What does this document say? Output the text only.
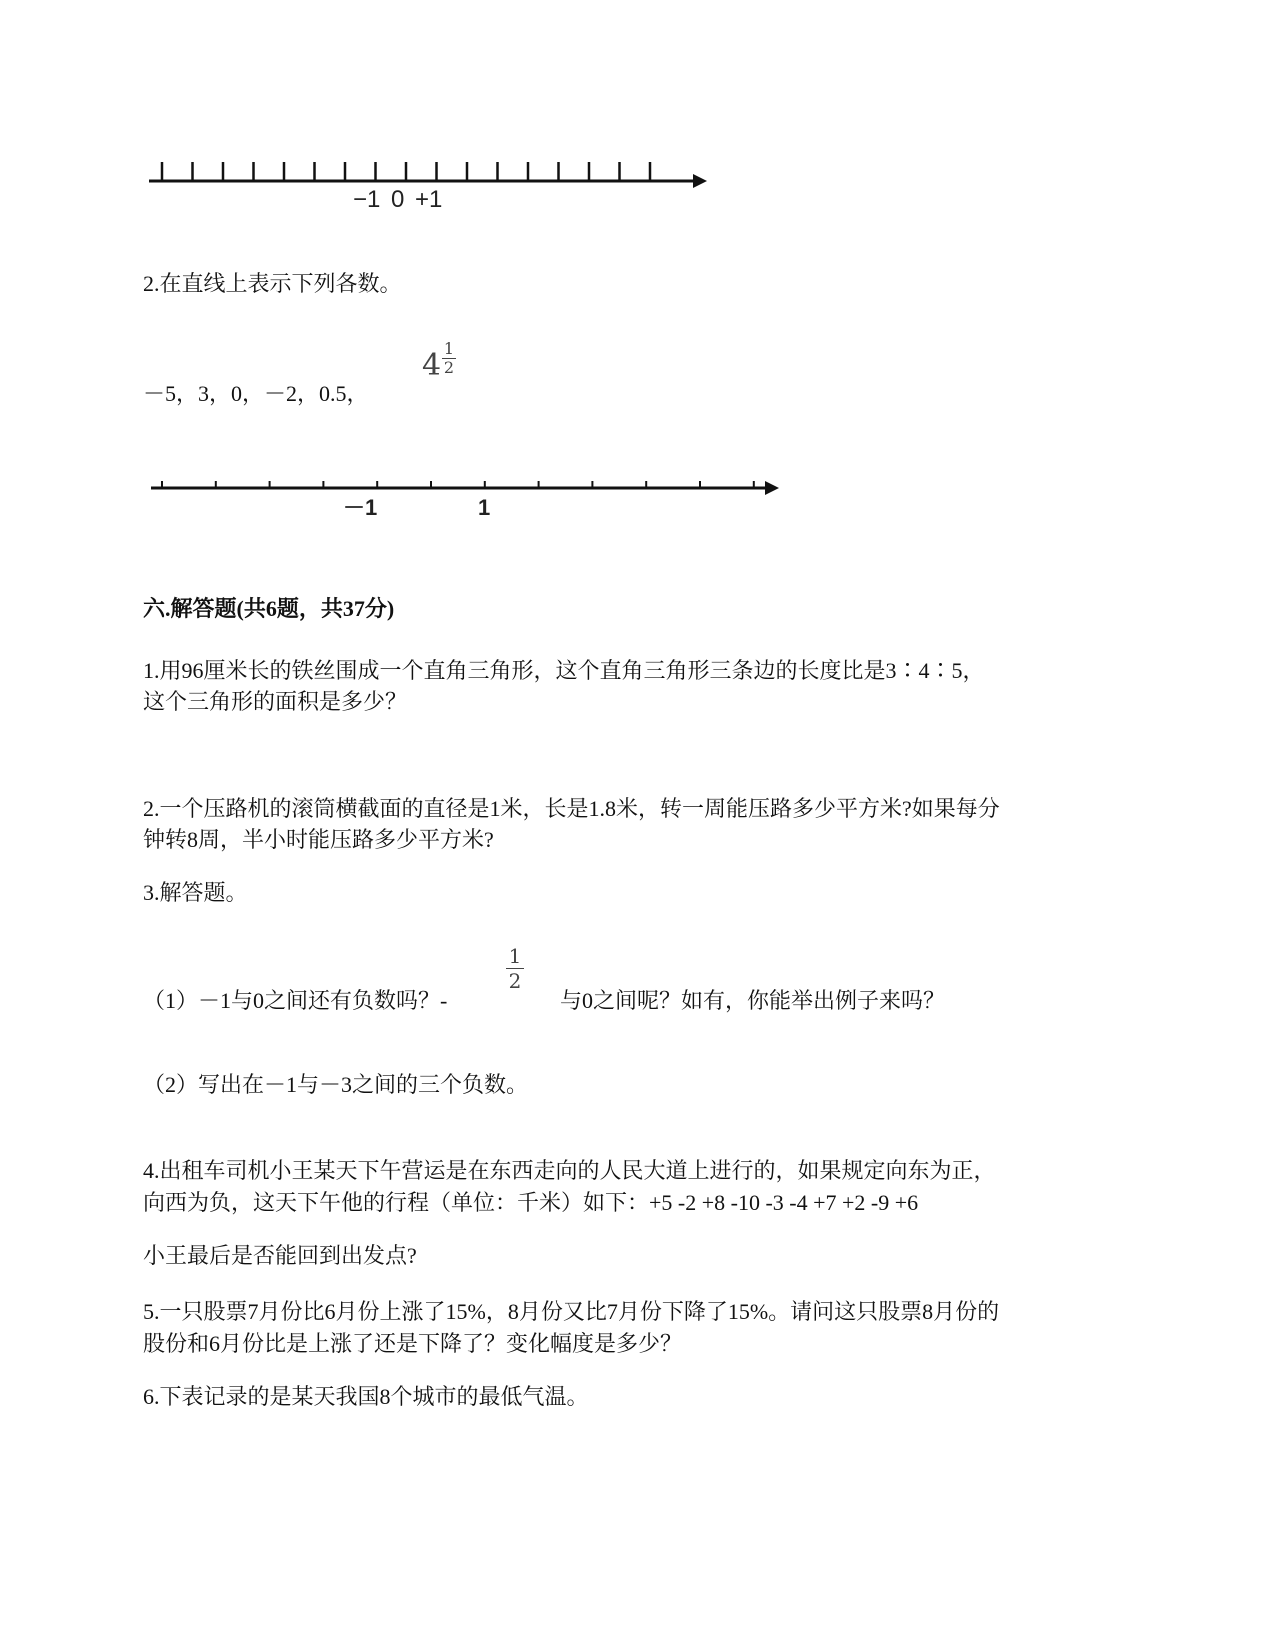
−1 0 +1
2.在直线上表示下列各数。
－5，3，0，－2，0.5，
$4 \frac{1}{2}$
－1	1
六.解答题(共6题，共37分)
1.用96厘米长的铁丝围成一个直角三角形，这个直角三角形三条边的长度比是3∶4∶5，
这个三角形的面积是多少？
2.一个压路机的滚筒横截面的直径是1米，长是1.8米，转一周能压路多少平方米?如果每分
钟转8周，半小时能压路多少平方米?
3.解答题。
（1）－1与0之间还有负数吗？-
$\frac{1}{2}$
与0之间呢？如有，你能举出例子来吗？
（2）写出在－1与－3之间的三个负数。
4.出租车司机小王某天下午营运是在东西走向的人民大道上进行的，如果规定向东为正，
向西为负，这天下午他的行程（单位：千米）如下：+5 -2 +8 -10 -3 -4 +7 +2 -9 +6
小王最后是否能回到出发点?
5.一只股票7月份比6月份上涨了15%，8月份又比7月份下降了15%。请问这只股票8月份的
股份和6月份比是上涨了还是下降了？变化幅度是多少？
6.下表记录的是某天我国8个城市的最低气温。
